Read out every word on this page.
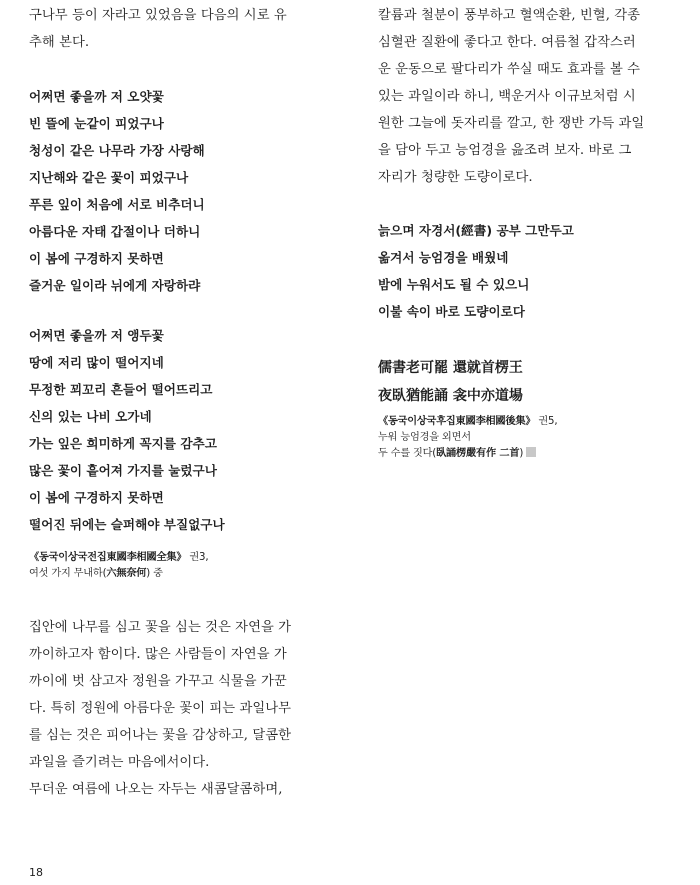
구나무 등이 자라고 있었음을 다음의 시로 유
추해 본다.
어쩌면 좋을까 저 오얏꽃
빈 뜰에 눈같이 피었구나
청성이 같은 나무라 가장 사랑해
지난해와 같은 꽃이 피었구나
푸른 잎이 처음에 서로 비추더니
아름다운 자태 갑절이나 더하니
이 봄에 구경하지 못하면
즐거운 일이라 뉘에게 자랑하랴
어쩌면 좋을까 저 앵두꽃
땅에 저리 많이 떨어지네
무정한 꾀꼬리 흔들어 떨어뜨리고
신의 있는 나비 오가네
가는 잎은 희미하게 꼭지를 감추고
많은 꽃이 흩어져 가지를 눌렀구나
이 봄에 구경하지 못하면
떨어진 뒤에는 슬퍼해야 부질없구나
《동국이상국전집東國李相國全集》 권3,
여섯 가지 무내하(六無奈何) 중
집안에 나무를 심고 꽃을 심는 것은 자연을 가
까이하고자 함이다. 많은 사람들이 자연을 가
까이에 벗 삼고자 정원을 가꾸고 식물을 가꾼
다. 특히 정원에 아름다운 꽃이 피는 과일나무
를 심는 것은 피어나는 꽃을 감상하고, 달콤한
과일을 즐기려는 마음에서이다.
무더운 여름에 나오는 자두는 새콤달콤하며,
칼륨과 철분이 풍부하고 혈액순환, 빈혈, 각종
심혈관 질환에 좋다고 한다. 여름철 갑작스러
운 운동으로 팔다리가 쑤실 때도 효과를 볼 수
있는 과일이라 하니, 백운거사 이규보처럼 시
원한 그늘에 돗자리를 깔고, 한 쟁반 가득 과일
을 담아 두고 능엄경을 읊조려 보자. 바로 그
자리가 청량한 도량이로다.
늙으며 자경서(經書) 공부 그만두고
옮겨서 능엄경을 배웠네
밤에 누워서도 될 수 있으니
이불 속이 바로 도량이로다
儒書老可罷 還就首楞王
夜臥猶能誦 衾中亦道場
《동국이상국후집東國李相國後集》 권5,
누워 능엄경을 외면서
두 수를 짓다(臥誦楞嚴有作 二首)
18
